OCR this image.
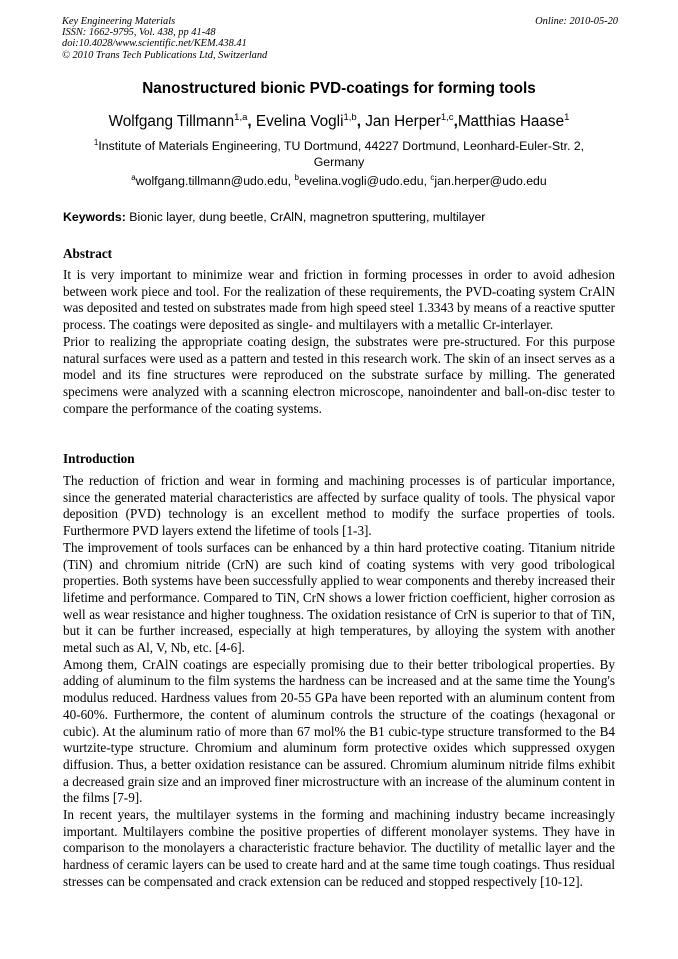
Key Engineering Materials	Online: 2010-05-20
ISSN: 1662-9795, Vol. 438, pp 41-48
doi:10.4028/www.scientific.net/KEM.438.41
© 2010 Trans Tech Publications Ltd, Switzerland
Nanostructured bionic PVD-coatings for forming tools
Wolfgang Tillmann$^{1,a}$, Evelina Vogli$^{1,b}$, Jan Herper$^{1,c}$,Matthias Haase$^1$
$^1$Institute of Materials Engineering, TU Dortmund, 44227 Dortmund, Leonhard-Euler-Str. 2, Germany
$^a$wolfgang.tillmann@udo.edu, $^b$evelina.vogli@udo.edu, $^c$jan.herper@udo.edu
Keywords: Bionic layer, dung beetle, CrAlN, magnetron sputtering, multilayer
Abstract

It is very important to minimize wear and friction in forming processes in order to avoid adhesion between work piece and tool. For the realization of these requirements, the PVD-coating system CrAlN was deposited and tested on substrates made from high speed steel 1.3343 by means of a reactive sputter process. The coatings were deposited as single- and multilayers with a metallic Cr-interlayer.

Prior to realizing the appropriate coating design, the substrates were pre-structured. For this purpose natural surfaces were used as a pattern and tested in this research work. The skin of an insect serves as a model and its fine structures were reproduced on the substrate surface by milling. The generated specimens were analyzed with a scanning electron microscope, nanoindenter and ball-on-disc tester to compare the performance of the coating systems.

Introduction

The reduction of friction and wear in forming and machining processes is of particular importance, since the generated material characteristics are affected by surface quality of tools. The physical vapor deposition (PVD) technology is an excellent method to modify the surface properties of tools. Furthermore PVD layers extend the lifetime of tools [1-3].

The improvement of tools surfaces can be enhanced by a thin hard protective coating. Titanium nitride (TiN) and chromium nitride (CrN) are such kind of coating systems with very good tribological properties. Both systems have been successfully applied to wear components and thereby increased their lifetime and performance. Compared to TiN, CrN shows a lower friction coefficient, higher corrosion as well as wear resistance and higher toughness. The oxidation resistance of CrN is superior to that of TiN, but it can be further increased, especially at high temperatures, by alloying the system with another metal such as Al, V, Nb, etc. [4-6].

Among them, CrAlN coatings are especially promising due to their better tribological properties. By adding of aluminum to the film systems the hardness can be increased and at the same time the Young's modulus reduced. Hardness values from 20-55 GPa have been reported with an aluminum content from 40-60%. Furthermore, the content of aluminum controls the structure of the coatings (hexagonal or cubic). At the aluminum ratio of more than 67 mol% the B1 cubic-type structure transformed to the B4 wurtzite-type structure. Chromium and aluminum form protective oxides which suppressed oxygen diffusion. Thus, a better oxidation resistance can be assured. Chromium aluminum nitride films exhibit a decreased grain size and an improved finer microstructure with an increase of the aluminum content in the films [7-9].

In recent years, the multilayer systems in the forming and machining industry became increasingly important. Multilayers combine the positive properties of different monolayer systems. They have in comparison to the monolayers a characteristic fracture behavior. The ductility of metallic layer and the hardness of ceramic layers can be used to create hard and at the same time tough coatings. Thus residual stresses can be compensated and crack extension can be reduced and stopped respectively [10-12].
